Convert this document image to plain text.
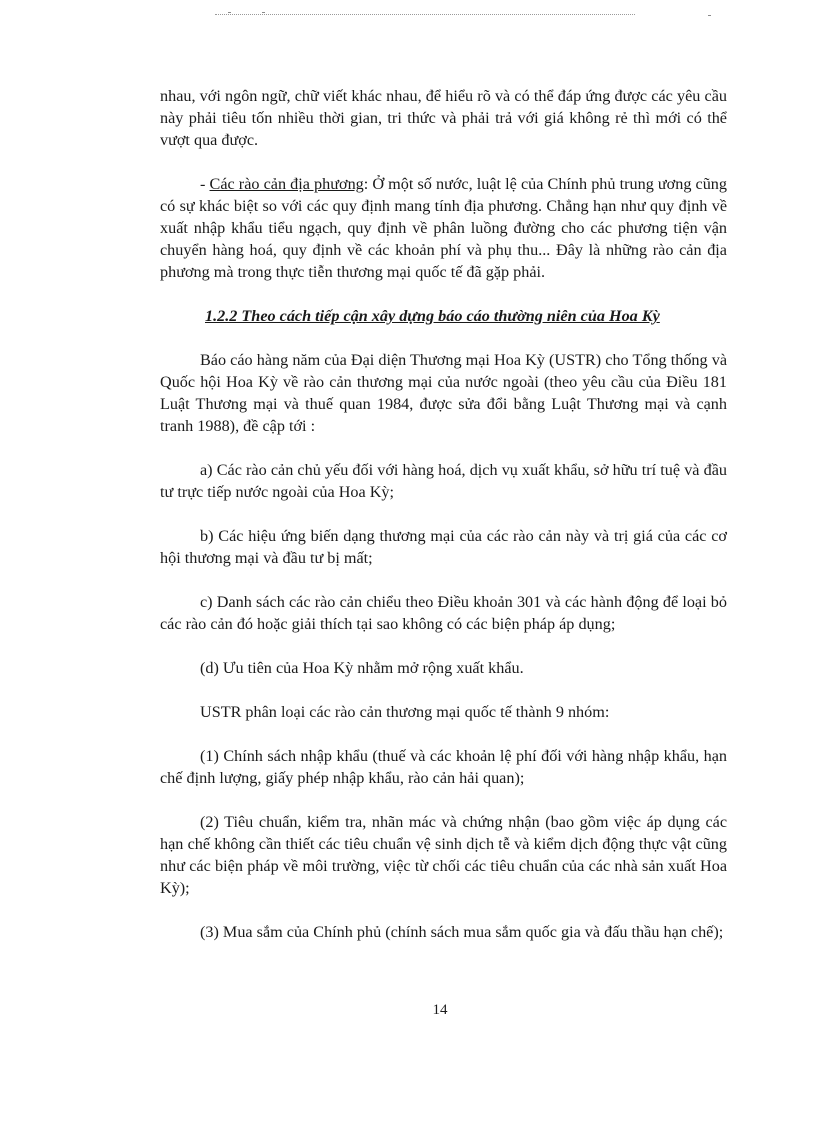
nhau, với ngôn ngữ, chữ viết khác nhau, để hiểu rõ và có thể đáp ứng được các yêu cầu này phải tiêu tốn nhiều thời gian, tri thức và phải trả với giá không rẻ thì mới có thể vượt qua được.

- Các rào cản địa phương: Ở một số nước, luật lệ của Chính phủ trung ương cũng có sự khác biệt so với các quy định mang tính địa phương. Chẳng hạn như quy định về xuất nhập khẩu tiểu ngạch, quy định về phân luồng đường cho các phương tiện vận chuyển hàng hoá, quy định về các khoản phí và phụ thu... Đây là những rào cản địa phương mà trong thực tiễn thương mại quốc tế đã gặp phải.

1.2.2 Theo cách tiếp cận xây dựng báo cáo thường niên của Hoa Kỳ

Báo cáo hàng năm của Đại diện Thương mại Hoa Kỳ (USTR) cho Tổng thống và Quốc hội Hoa Kỳ về rào cản thương mại của nước ngoài (theo yêu cầu của Điều 181 Luật Thương mại và thuế quan 1984, được sửa đổi bằng Luật Thương mại và cạnh tranh 1988), đề cập tới :

a) Các rào cản chủ yếu đối với hàng hoá, dịch vụ xuất khẩu, sở hữu trí tuệ và đầu tư trực tiếp nước ngoài của Hoa Kỳ;

b) Các hiệu ứng biến dạng thương mại của các rào cản này và trị giá của các cơ hội thương mại và đầu tư bị mất;

c) Danh sách các rào cản chiểu theo Điều khoản 301 và các hành động để loại bỏ các rào cản đó hoặc giải thích tại sao không có các biện pháp áp dụng;

(d) Ưu tiên của Hoa Kỳ nhằm mở rộng xuất khẩu.

USTR phân loại các rào cản thương mại quốc tế thành 9 nhóm:

(1) Chính sách nhập khẩu (thuế và các khoản lệ phí đối với hàng nhập khẩu, hạn chế định lượng, giấy phép nhập khẩu, rào cản hải quan);

(2) Tiêu chuẩn, kiểm tra, nhãn mác và chứng nhận (bao gồm việc áp dụng các hạn chế không cần thiết các tiêu chuẩn vệ sinh dịch tễ và kiểm dịch động thực vật cũng như các biện pháp về môi trường, việc từ chối các tiêu chuẩn của các nhà sản xuất Hoa Kỳ);

(3) Mua sắm của Chính phủ (chính sách mua sắm quốc gia và đấu thầu hạn chế);

14
